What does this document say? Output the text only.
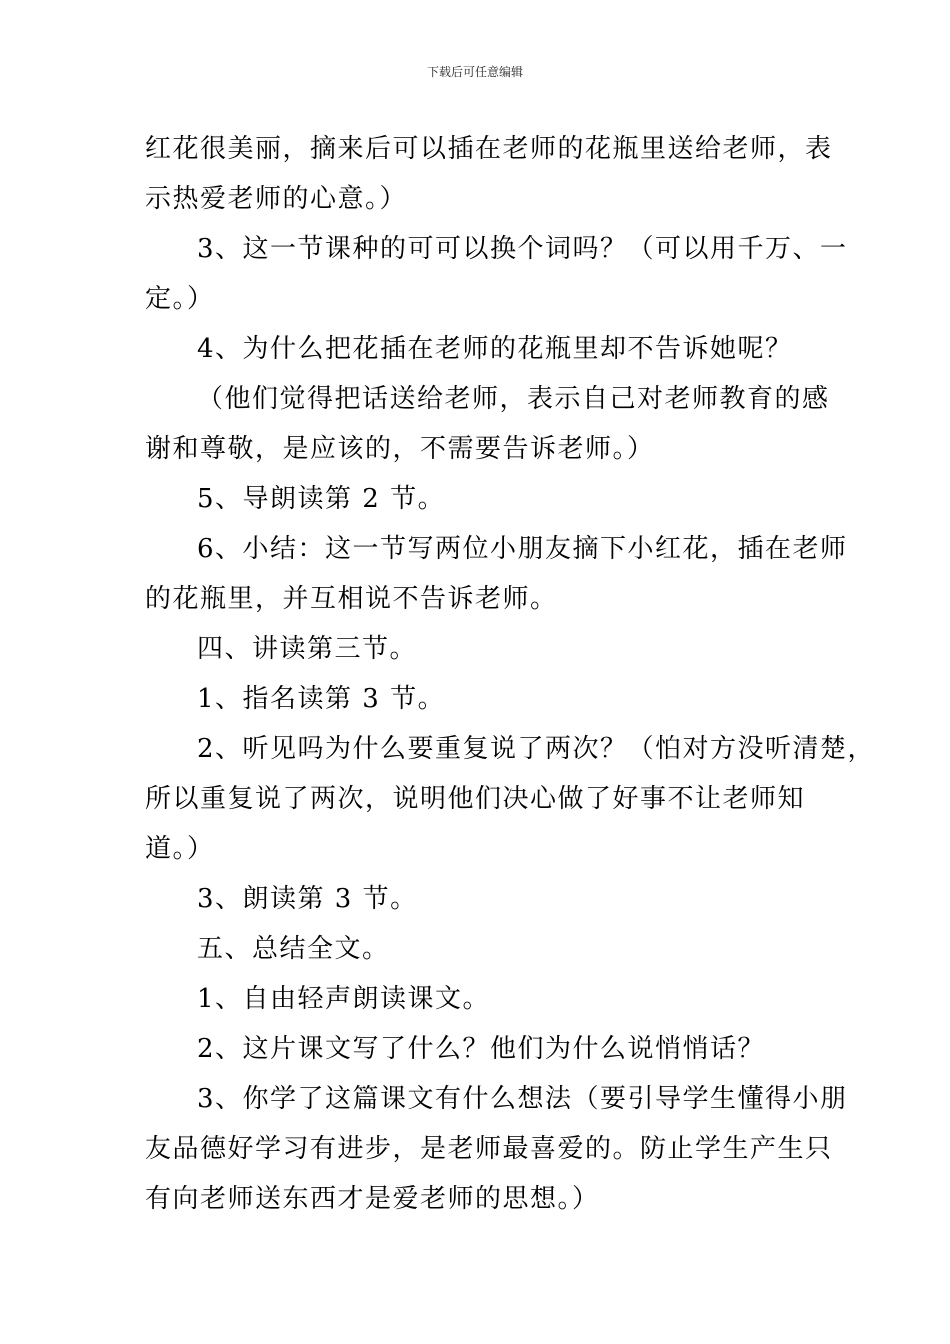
下载后可任意编辑

红花很美丽，摘来后可以插在老师的花瓶里送给老师，表
示热爱老师的心意。）

3、这一节课种的可可以换个词吗？（可以用千万、一
定。）

4、为什么把花插在老师的花瓶里却不告诉她呢？

（他们觉得把话送给老师，表示自己对老师教育的感
谢和尊敬，是应该的，不需要告诉老师。）

5、导朗读第 2 节。

6、小结：这一节写两位小朋友摘下小红花，插在老师
的花瓶里，并互相说不告诉老师。

四、讲读第三节。

1、指名读第 3 节。

2、听见吗为什么要重复说了两次？（怕对方没听清楚，
所以重复说了两次，说明他们决心做了好事不让老师知
道。）

3、朗读第 3 节。

五、总结全文。

1、自由轻声朗读课文。

2、这片课文写了什么？他们为什么说悄悄话？

3、你学了这篇课文有什么想法（要引导学生懂得小朋
友品德好学习有进步，是老师最喜爱的。防止学生产生只
有向老师送东西才是爱老师的思想。）
